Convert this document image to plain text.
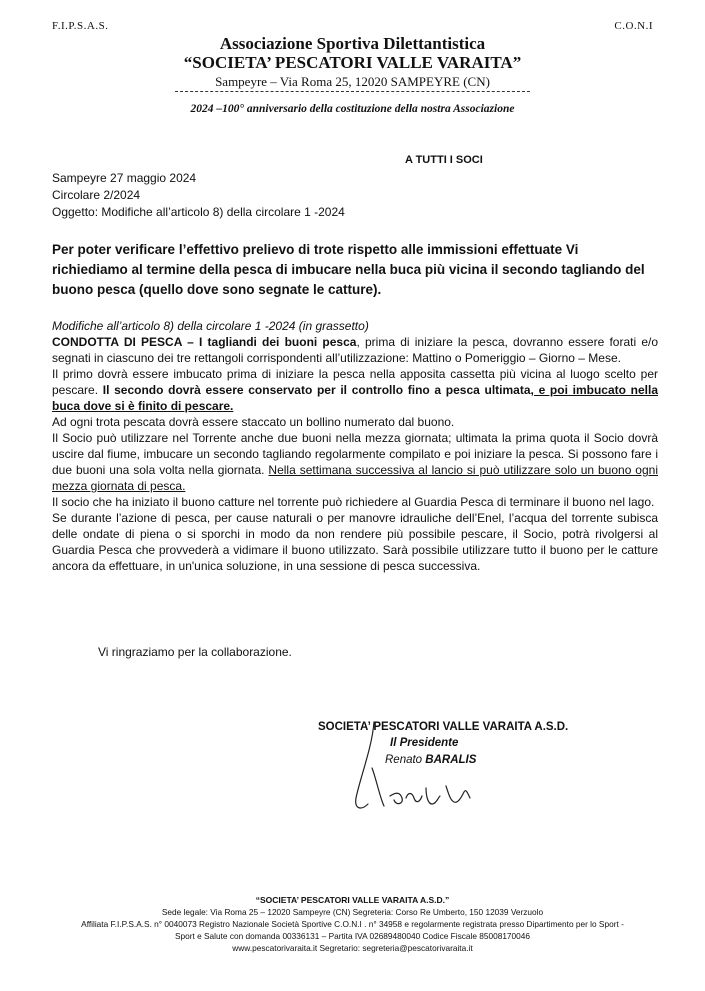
F.I.P.S.A.S.	C.O.N.I
Associazione Sportiva Dilettantistica
“SOCIETA’ PESCATORI VALLE VARAITA”
Sampeyre – Via Roma 25, 12020 SAMPEYRE (CN)
2024 –100° anniversario della costituzione della nostra Associazione
A TUTTI I SOCI
Sampeyre 27 maggio 2024
Circolare 2/2024
Oggetto: Modifiche all’articolo 8) della circolare 1 -2024
Per poter verificare l’effettivo prelievo di trote rispetto alle immissioni effettuate Vi richiediamo al termine della pesca di imbucare nella buca più vicina il secondo tagliando del buono pesca (quello dove sono segnate le catture).

Modifiche all’articolo 8) della circolare 1 -2024 (in grassetto)

CONDOTTA DI PESCA – I tagliandi dei buoni pesca, prima di iniziare la pesca, dovranno essere forati e/o segnati in ciascuno dei tre rettangoli corrispondenti all’utilizzazione: Mattino o Pomeriggio – Giorno – Mese.

Il primo dovrà essere imbucato prima di iniziare la pesca nella apposita cassetta più vicina al luogo scelto per pescare. Il secondo dovrà essere conservato per il controllo fino a pesca ultimata, e poi imbucato nella buca dove si è finito di pescare.

Ad ogni trota pescata dovrà essere staccato un bollino numerato dal buono.

Il Socio può utilizzare nel Torrente anche due buoni nella mezza giornata; ultimata la prima quota il Socio dovrà uscire dal fiume, imbucare un secondo tagliando regolarmente compilato e poi iniziare la pesca. Si possono fare i due buoni una sola volta nella giornata. Nella settimana successiva al lancio si può utilizzare solo un buono ogni mezza giornata di pesca.

Il socio che ha iniziato il buono catture nel torrente può richiedere al Guardia Pesca di terminare il buono nel lago.

Se durante l’azione di pesca, per cause naturali o per manovre idrauliche dell’Enel, l’acqua del torrente subisca delle ondate di piena o si sporchi in modo da non rendere più possibile pescare, il Socio, potrà rivolgersi al Guardia Pesca che provvederà a vidimare il buono utilizzato. Sarà possibile utilizzare tutto il buono per le catture ancora da effettuare, in un'unica soluzione, in una sessione di pesca successiva.

Vi ringraziamo per la collaborazione.
SOCIETA’ PESCATORI VALLE VARAITA A.S.D.
Il Presidente
Renato BARALIS
“SOCIETA’ PESCATORI VALLE VARAITA A.S.D.”
Sede legale: Via Roma 25 – 12020 Sampeyre (CN) Segreteria: Corso Re Umberto, 150 12039 Verzuolo
Affiliata F.I.P.S.A.S. n° 0040073 Registro Nazionale Società Sportive C.O.N.I . n° 34958 e regolarmente registrata presso Dipartimento per lo Sport -
Sport e Salute con domanda 00336131 – Partita IVA 02689480040 Codice Fiscale 85008170046
www.pescatorivaraita.it Segretario: segreteria@pescatorivaraita.it
